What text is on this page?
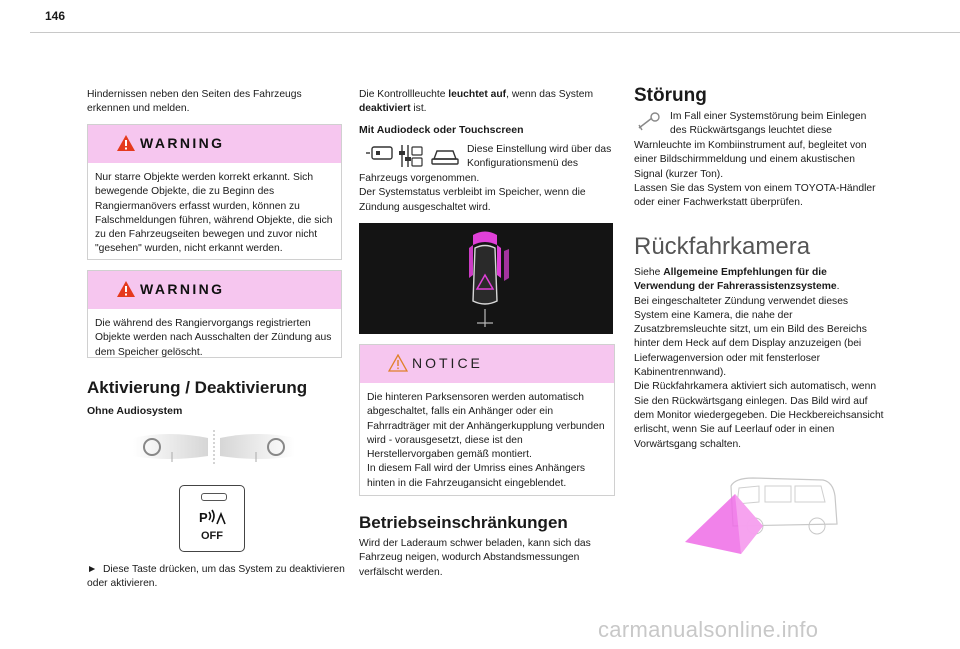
146

Hindernissen neben den Seiten des Fahrzeugs erkennen und melden.

WARNING
Nur starre Objekte werden korrekt erkannt. Sich bewegende Objekte, die zu Beginn des Rangiermanövers erfasst wurden, können zu Falschmeldungen führen, während Objekte, die sich zu den Fahrzeugseiten bewegen und zuvor nicht "gesehen" wurden, nicht erkannt werden.
WARNING
Die während des Rangiervorgangs registrierten Objekte werden nach Ausschalten der Zündung aus dem Speicher gelöscht.
Aktivierung / Deaktivierung
Ohne Audiosystem
P
OFF

► Diese Taste drücken, um das System zu deaktivieren oder aktivieren.

Die Kontrollleuchte leuchtet auf, wenn das System deaktiviert ist.

Mit Audiodeck oder Touchscreen
Diese Einstellung wird über das Konfigurationsmenü des

Fahrzeugs vorgenommen.

Der Systemstatus verbleibt im Speicher, wenn die Zündung ausgeschaltet wird.

NOTICE
Die hinteren Parksensoren werden automatisch abgeschaltet, falls ein Anhänger oder ein Fahrradträger mit der Anhängerkupplung verbunden wird - vorausgesetzt, diese ist den Herstellervorgaben gemäß montiert.
In diesem Fall wird der Umriss eines Anhängers hinten in die Fahrzeugansicht eingeblendet.
Betriebseinschränkungen

Wird der Laderaum schwer beladen, kann sich das Fahrzeug neigen, wodurch Abstandsmessungen verfälscht werden.

Störung
Im Fall einer Systemstörung beim Einlegen des Rückwärtsgangs leuchtet diese

Warnleuchte im Kombiinstrument auf, begleitet von einer Bildschirmmeldung und einem akustischen Signal (kurzer Ton).

Lassen Sie das System von einem TOYOTA-Händler oder einer Fachwerkstatt überprüfen.

Rückfahrkamera

Siehe Allgemeine Empfehlungen für die Verwendung der Fahrerassistenzsysteme.

Bei eingeschalteter Zündung verwendet dieses System eine Kamera, die nahe der Zusatzbremsleuchte sitzt, um ein Bild des Bereichs hinter dem Heck auf dem Display anzuzeigen (bei Lieferwagenversion oder mit fensterloser Kabinentrennwand).

Die Rückfahrkamera aktiviert sich automatisch, wenn Sie den Rückwärtsgang einlegen. Das Bild wird auf dem Monitor wiedergegeben. Die Heckbereichsansicht erlischt, wenn Sie auf Leerlauf oder in einen Vorwärtsgang schalten.

carmanualsonline.info
